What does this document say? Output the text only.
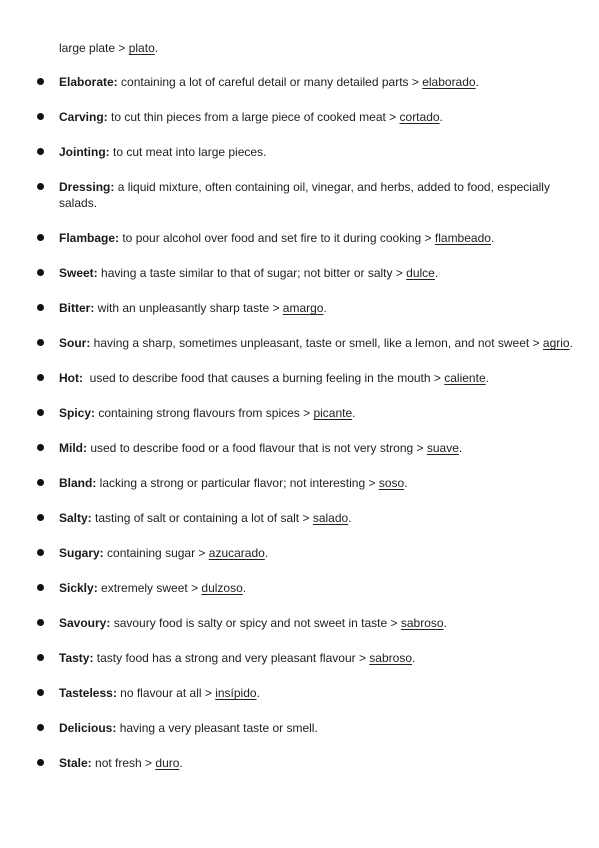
large plate > plato.
Elaborate: containing a lot of careful detail or many detailed parts > elaborado.
Carving: to cut thin pieces from a large piece of cooked meat > cortado.
Jointing: to cut meat into large pieces.
Dressing: a liquid mixture, often containing oil, vinegar, and herbs, added to food, especially salads.
Flambage: to pour alcohol over food and set fire to it during cooking > flambeado.
Sweet: having a taste similar to that of sugar; not bitter or salty > dulce.
Bitter: with an unpleasantly sharp taste > amargo.
Sour: having a sharp, sometimes unpleasant, taste or smell, like a lemon, and not sweet > agrio.
Hot:  used to describe food that causes a burning feeling in the mouth > caliente.
Spicy: containing strong flavours from spices > picante.
Mild: used to describe food or a food flavour that is not very strong > suave.
Bland: lacking a strong or particular flavor; not interesting > soso.
Salty: tasting of salt or containing a lot of salt > salado.
Sugary: containing sugar > azucarado.
Sickly: extremely sweet > dulzoso.
Savoury: savoury food is salty or spicy and not sweet in taste > sabroso.
Tasty: tasty food has a strong and very pleasant flavour > sabroso.
Tasteless: no flavour at all > insípido.
Delicious: having a very pleasant taste or smell.
Stale: not fresh > duro.
